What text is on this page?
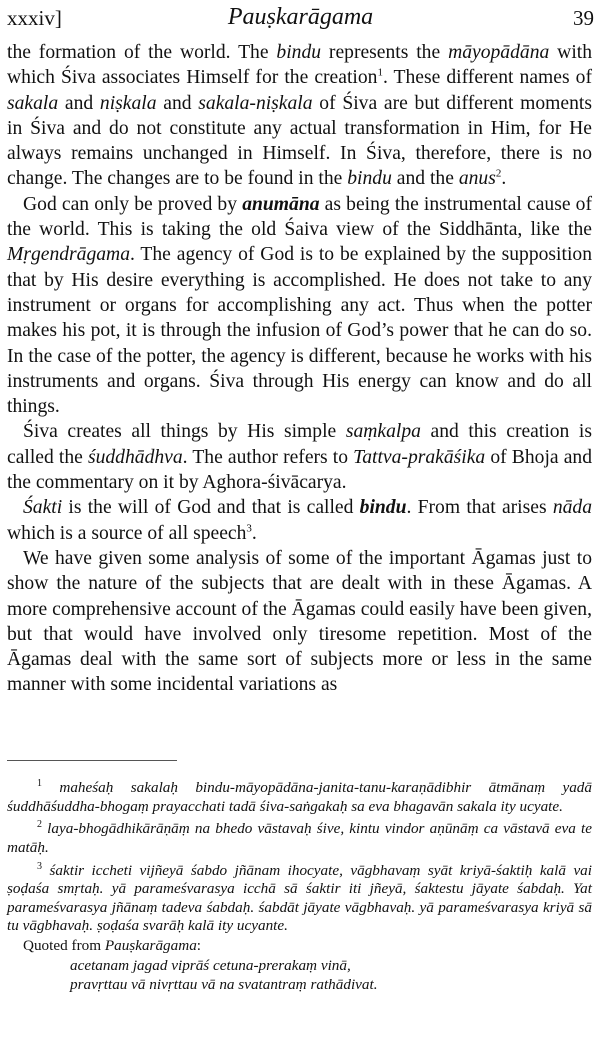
xxxiv]	Pauṣkarāgama	39

the formation of the world. The bindu represents the māyopādāna with which Śiva associates Himself for the creation$^1$. These different names of sakala and niṣkala and sakala-niṣkala of Śiva are but different moments in Śiva and do not constitute any actual transformation in Him, for He always remains unchanged in Himself. In Śiva, therefore, there is no change. The changes are to be found in the bindu and the anus$^2$.

God can only be proved by anumāna as being the instrumental cause of the world. This is taking the old Śaiva view of the Siddhānta, like the Mṛgendrāgama. The agency of God is to be explained by the supposition that by His desire everything is accomplished. He does not take to any instrument or organs for accomplishing any act. Thus when the potter makes his pot, it is through the infusion of God’s power that he can do so. In the case of the potter, the agency is different, because he works with his instruments and organs. Śiva through His energy can know and do all things.

Śiva creates all things by His simple saṃkalpa and this creation is called the śuddhādhva. The author refers to Tattva-prakāśika of Bhoja and the commentary on it by Aghora-śivācarya.

Śakti is the will of God and that is called bindu. From that arises nāda which is a source of all speech$^3$.

We have given some analysis of some of the important Āgamas just to show the nature of the subjects that are dealt with in these Āgamas. A more comprehensive account of the Āgamas could easily have been given, but that would have involved only tiresome repetition. Most of the Āgamas deal with the same sort of subjects more or less in the same manner with some incidental variations as

$^1$ maheśaḥ sakalaḥ bindu-māyopādāna-janita-tanu-karaṇādibhir ātmānaṃ yadā śuddhāśuddha-bhogaṃ prayacchati tadā śiva-saṅgakaḥ sa eva bhagavān sakala ity ucyate.

$^2$ laya-bhogādhikārāṇāṃ na bhedo vāstavaḥ śive, kintu vindor aṇūnāṃ ca vāstavā eva te matāḥ.

$^3$ śaktir iccheti vijñeyā śabdo jñānam ihocyate, vāgbhavaṃ syāt kriyā-śaktiḥ kalā vai ṣoḍaśa smṛtaḥ. yā parameśvarasya icchā sā śaktir iti jñeyā, śaktestu jāyate śabdaḥ. Yat parameśvarasya jñānaṃ tadeva śabdaḥ. śabdāt jāyate vāgbhavaḥ. yā parameśvarasya kriyā sā tu vāgbhavaḥ. ṣoḍaśa svarāḥ kalā ity ucyante.

Quoted from Pauṣkarāgama:

acetanam jagad viprāś cetuna-prerakaṃ vinā,

pravṛttau vā nivṛttau vā na svatantraṃ rathādivat.
